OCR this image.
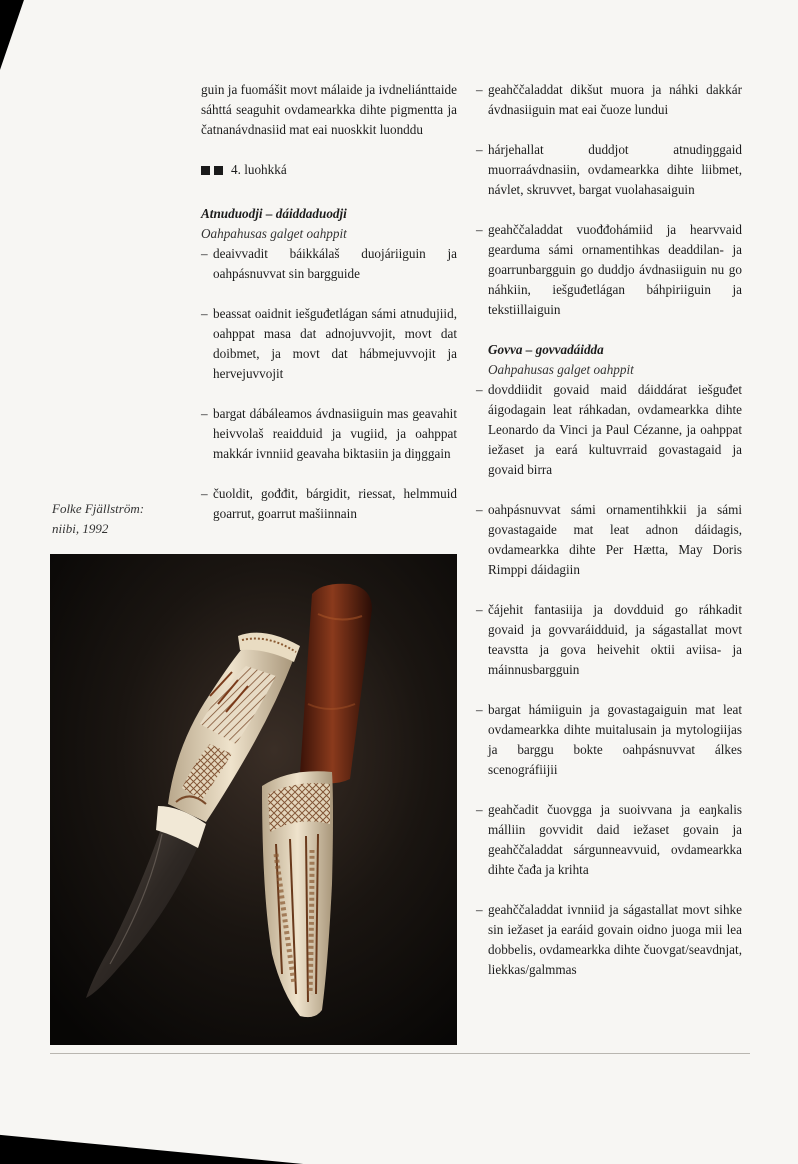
guin ja fuomášit movt málaide ja ivdneliánttaide sáhttá seaguhit ovdamearkka dihte pigmentta ja čatnanávdnasiid mat eai nuoskkit luonddu

4. luohkká

Atnuduodji – dáiddaduodji

Oahpahusas galget oahppit

– deaivvadit báikkálaš duojáriiguin ja oahpásnuvvat sin bargguide
– beassat oaidnit iešguđetlágan sámi atnudujiid, oahppat masa dat adnojuvvojit, movt dat doibmet, ja movt dat hábmejuvvojit ja hervejuvvojit
– bargat dábáleamos ávdnasiiguin mas geavahit heivvolaš reaidduid ja vugiid, ja oahppat makkár ivnniid geavaha biktasiin ja diŋggain
– čuoldit, gođđit, bárgidit, riessat, helmmuid goarrut, goarrut mašiinnain
Folke Fjällström:
niibi, 1992
– geahččaladdat dikšut muora ja náhki dakkár ávdnasiiguin mat eai čuoze lundui
– hárjehallat duddjot atnudiŋggaid muorraávdnasiin, ovdamearkka dihte liibmet, návlet, skruvvet, bargat vuolahasaiguin
– geahččaladdat vuođđohámiid ja hearvvaid gearduma sámi ornamentihkas deaddilan- ja goarrunbargguin go duddjo ávdnasiiguin nu go náhkiin, iešguđetlágan báhpiriiguin ja tekstiillaiguin

Govva – govvadáidda

Oahpahusas galget oahppit

– dovddiidit govaid maid dáiddárat iešguđet áigodagain leat ráhkadan, ovdamearkka dihte Leonardo da Vinci ja Paul Cézanne, ja oahppat iežaset ja eará kultuvrraid govastagaid ja govaid birra
– oahpásnuvvat sámi ornamentihkkii ja sámi govastagaide mat leat adnon dáidagis, ovdamearkka dihte Per Hætta, May Doris Rimppi dáidagiin
– čájehit fantasiija ja dovdduid go ráhkadit govaid ja govvaráidduid, ja ságastallat movt teavstta ja gova heivehit oktii aviisa- ja máinnusbargguin
– bargat hámiiguin ja govastagaiguin mat leat ovdamearkka dihte muitalusain ja mytologiijas ja barggu bokte oahpásnuvvat álkes scenográfiijii
– geahčadit čuovgga ja suoivvana ja eaŋkalis málliin govvidit daid iežaset govain ja geahččaladdat sárgunneavvuid, ovdamearkka dihte čađa ja krihta
– geahččaladdat ivnniid ja ságastallat movt sihke sin iežaset ja earáid govain oidno juoga mii lea dobbelis, ovdamearkka dihte čuovgat/seavdnjat, liekkas/galmmas
